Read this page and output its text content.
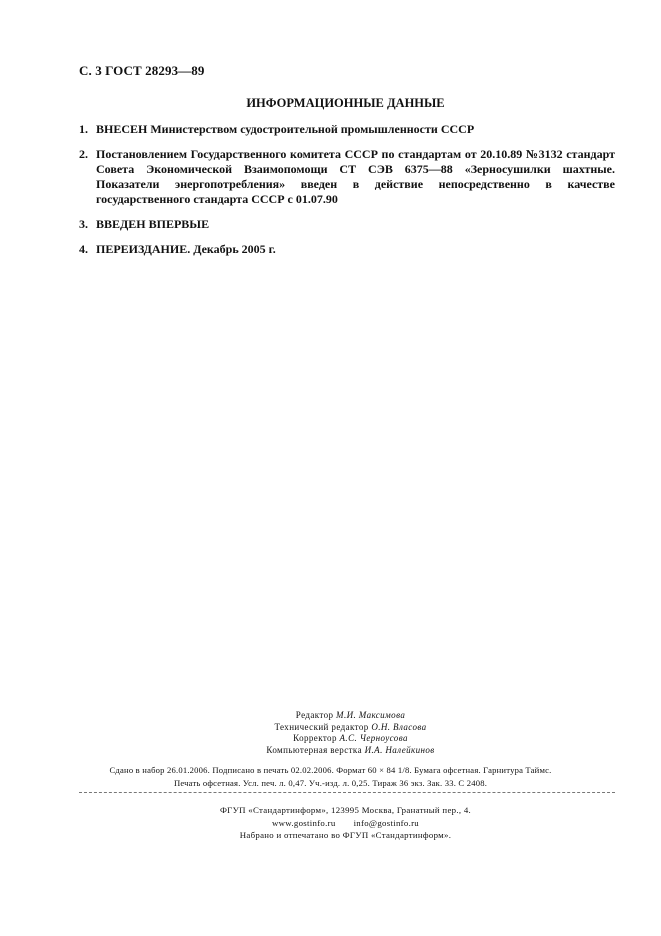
С. 3 ГОСТ 28293—89
ИНФОРМАЦИОННЫЕ ДАННЫЕ
1. ВНЕСЕН Министерством судостроительной промышленности СССР
2. Постановлением Государственного комитета СССР по стандартам от 20.10.89 №3132 стандарт Совета Экономической Взаимопомощи СТ СЭВ 6375—88 «Зерносушилки шахтные. Показатели энергопотребления» введен в действие непосредственно в качестве государственного стандарта СССР с 01.07.90
3. ВВЕДЕН ВПЕРВЫЕ
4. ПЕРЕИЗДАНИЕ. Декабрь 2005 г.
Редактор М.И. Максимова
Технический редактор О.Н. Власова
Корректор А.С. Черноусова
Компьютерная верстка И.А. Налейкинов
Сдано в набор 26.01.2006. Подписано в печать 02.02.2006. Формат 60 × 84 1/8. Бумага офсетная. Гарнитура Таймс.
Печать офсетная. Усл. печ. л. 0,47. Уч.-изд. л. 0,25. Тираж 36 экз. Зак. 33. С 2408.
ФГУП «Стандартинформ», 123995 Москва, Гранатный пер., 4.
www.gostinfo.ru info@gostinfo.ru
Набрано и отпечатано во ФГУП «Стандартинформ».
